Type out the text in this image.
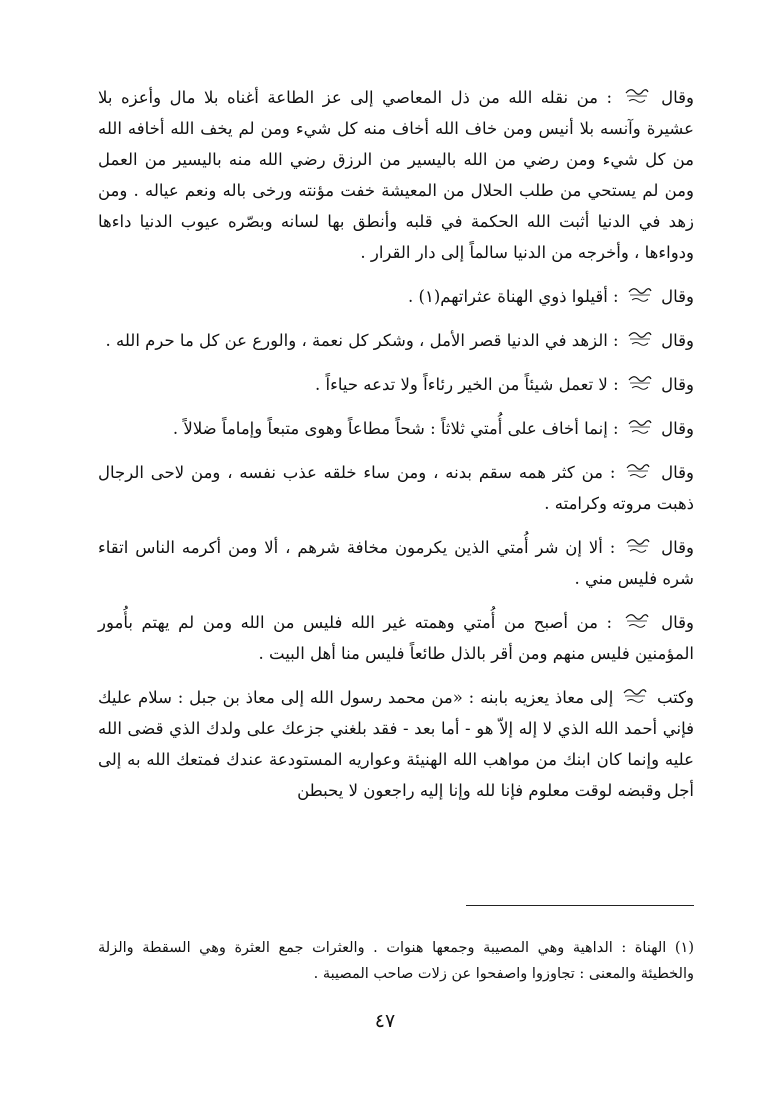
وقال
: من نقله الله من ذل المعاصي إلى عز الطاعة أغناه بلا مال وأعزه بلا عشيرة وآنسه بلا أنيس ومن خاف الله أخاف منه كل شيء ومن لم يخف الله أخافه الله من كل شيء ومن رضي من الله باليسير من الرزق رضي الله منه باليسير من العمل ومن لم يستحي من طلب الحلال من المعيشة خفت مؤنته ورخى باله ونعم عياله . ومن زهد في الدنيا أثبت الله الحكمة في قلبه وأنطق بها لسانه وبصّره عيوب الدنيا داءها ودواءها ، وأخرجه من الدنيا سالماً إلى دار القرار .

وقال
: أقيلوا ذوي الهناة عثراتهم(١) .

وقال
: الزهد في الدنيا قصر الأمل ، وشكر كل نعمة ، والورع عن كل ما حرم الله .

وقال
: لا تعمل شيئاً من الخير رئاءاً ولا تدعه حياءاً .

وقال
: إنما أخاف على أُمتي ثلاثاً : شحاً مطاعاً وهوى متبعاً وإماماً ضلالاً .

وقال
: من كثر همه سقم بدنه ، ومن ساء خلقه عذب نفسه ، ومن لاحى الرجال ذهبت مروته وكرامته .

وقال
: ألا إن شر أُمتي الذين يكرمون مخافة شرهم ، ألا ومن أكرمه الناس اتقاء شره فليس مني .

وقال
: من أصبح من أُمتي وهمته غير الله فليس من الله ومن لم يهتم بأُمور المؤمنين فليس منهم ومن أقر بالذل طائعاً فليس منا أهل البيت .

وكتب
إلى معاذ يعزيه بابنه : «من محمد رسول الله إلى معاذ بن جبل : سلام عليك فإني أحمد الله الذي لا إله إلاّ هو - أما بعد - فقد بلغني جزعك على ولدك الذي قضى الله عليه وإنما كان ابنك من مواهب الله الهنيئة وعواريه المستودعة عندك فمتعك الله به إلى أجل وقبضه لوقت معلوم فإنا لله وإنا إليه راجعون لا يحبطن

(١) الهناة : الداهية وهي المصيبة وجمعها هنوات . والعثرات جمع العثرة وهي السقطة والزلة والخطيئة والمعنى : تجاوزوا واصفحوا عن زلات صاحب المصيبة .
٤٧
